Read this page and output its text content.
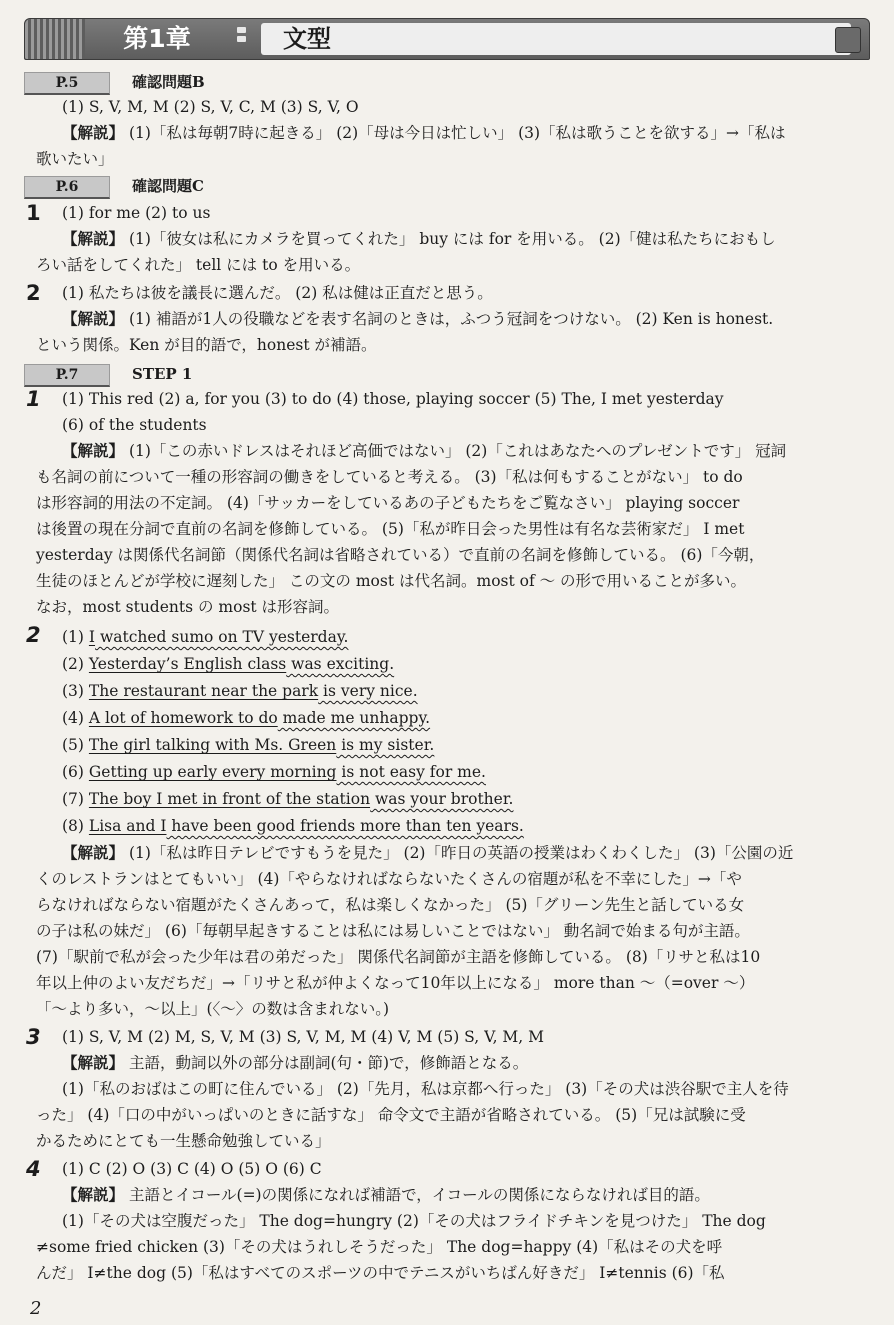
第1章	文型
P.5	確認問題B
(1) S, V, M, M (2) S, V, C, M (3) S, V, O
【解説】 (1)「私は毎朝7時に起きる」 (2)「母は今日は忙しい」 (3)「私は歌うことを欲する」→「私は
歌いたい」
P.6	確認問題C
1 (1) for me (2) to us
【解説】 (1)「彼女は私にカメラを買ってくれた」 buy には for を用いる。 (2)「健は私たちにおもし
ろい話をしてくれた」 tell には to を用いる。
2 (1) 私たちは彼を議長に選んだ。 (2) 私は健は正直だと思う。
【解説】 (1) 補語が1人の役職などを表す名詞のときは，ふつう冠詞をつけない。 (2) Ken is honest.
という関係。Ken が目的語で，honest が補語。
P.7	STEP 1
1 (1) This red (2) a, for you (3) to do (4) those, playing soccer (5) The, I met yesterday
(6) of the students
【解説】 (1)「この赤いドレスはそれほど高価ではない」 (2)「これはあなたへのプレゼントです」 冠詞
も名詞の前について一種の形容詞の働きをしていると考える。 (3)「私は何もすることがない」 to do
は形容詞的用法の不定詞。 (4)「サッカーをしているあの子どもたちをご覧なさい」 playing soccer
は後置の現在分詞で直前の名詞を修飾している。 (5)「私が昨日会った男性は有名な芸術家だ」 I met
yesterday は関係代名詞節（関係代名詞は省略されている）で直前の名詞を修飾している。 (6)「今朝，
生徒のほとんどが学校に遅刻した」 この文の most は代名詞。most of ～ の形で用いることが多い。
なお，most students の most は形容詞。
2 (1) I watched sumo on TV yesterday.
(2) Yesterday’s English class was exciting.
(3) The restaurant near the park is very nice.
(4) A lot of homework to do made me unhappy.
(5) The girl talking with Ms. Green is my sister.
(6) Getting up early every morning is not easy for me.
(7) The boy I met in front of the station was your brother.
(8) Lisa and I have been good friends more than ten years.
【解説】 (1)「私は昨日テレビですもうを見た」 (2)「昨日の英語の授業はわくわくした」 (3)「公園の近
くのレストランはとてもいい」 (4)「やらなければならないたくさんの宿題が私を不幸にした」→「や
らなければならない宿題がたくさんあって，私は楽しくなかった」 (5)「グリーン先生と話している女
の子は私の妹だ」 (6)「毎朝早起きすることは私には易しいことではない」 動名詞で始まる句が主語。
(7)「駅前で私が会った少年は君の弟だった」 関係代名詞節が主語を修飾している。 (8)「リサと私は10
年以上仲のよい友だちだ」→「リサと私が仲よくなって10年以上になる」 more than ～（=over ～）
「～より多い，～以上」(〈～〉の数は含まれない。)
3 (1) S, V, M (2) M, S, V, M (3) S, V, M, M (4) V, M (5) S, V, M, M
【解説】 主語，動詞以外の部分は副詞(句・節)で，修飾語となる。
(1)「私のおばはこの町に住んでいる」 (2)「先月，私は京都へ行った」 (3)「その犬は渋谷駅で主人を待
った」 (4)「口の中がいっぱいのときに話すな」 命令文で主語が省略されている。 (5)「兄は試験に受
かるためにとても一生懸命勉強している」
4 (1) C (2) O (3) C (4) O (5) O (6) C
【解説】 主語とイコール(=)の関係になれば補語で，イコールの関係にならなければ目的語。
(1)「その犬は空腹だった」 The dog=hungry (2)「その犬はフライドチキンを見つけた」 The dog
≠some fried chicken (3)「その犬はうれしそうだった」 The dog=happy (4)「私はその犬を呼
んだ」 I≠the dog (5)「私はすべてのスポーツの中でテニスがいちばん好きだ」 I≠tennis (6)「私
2
